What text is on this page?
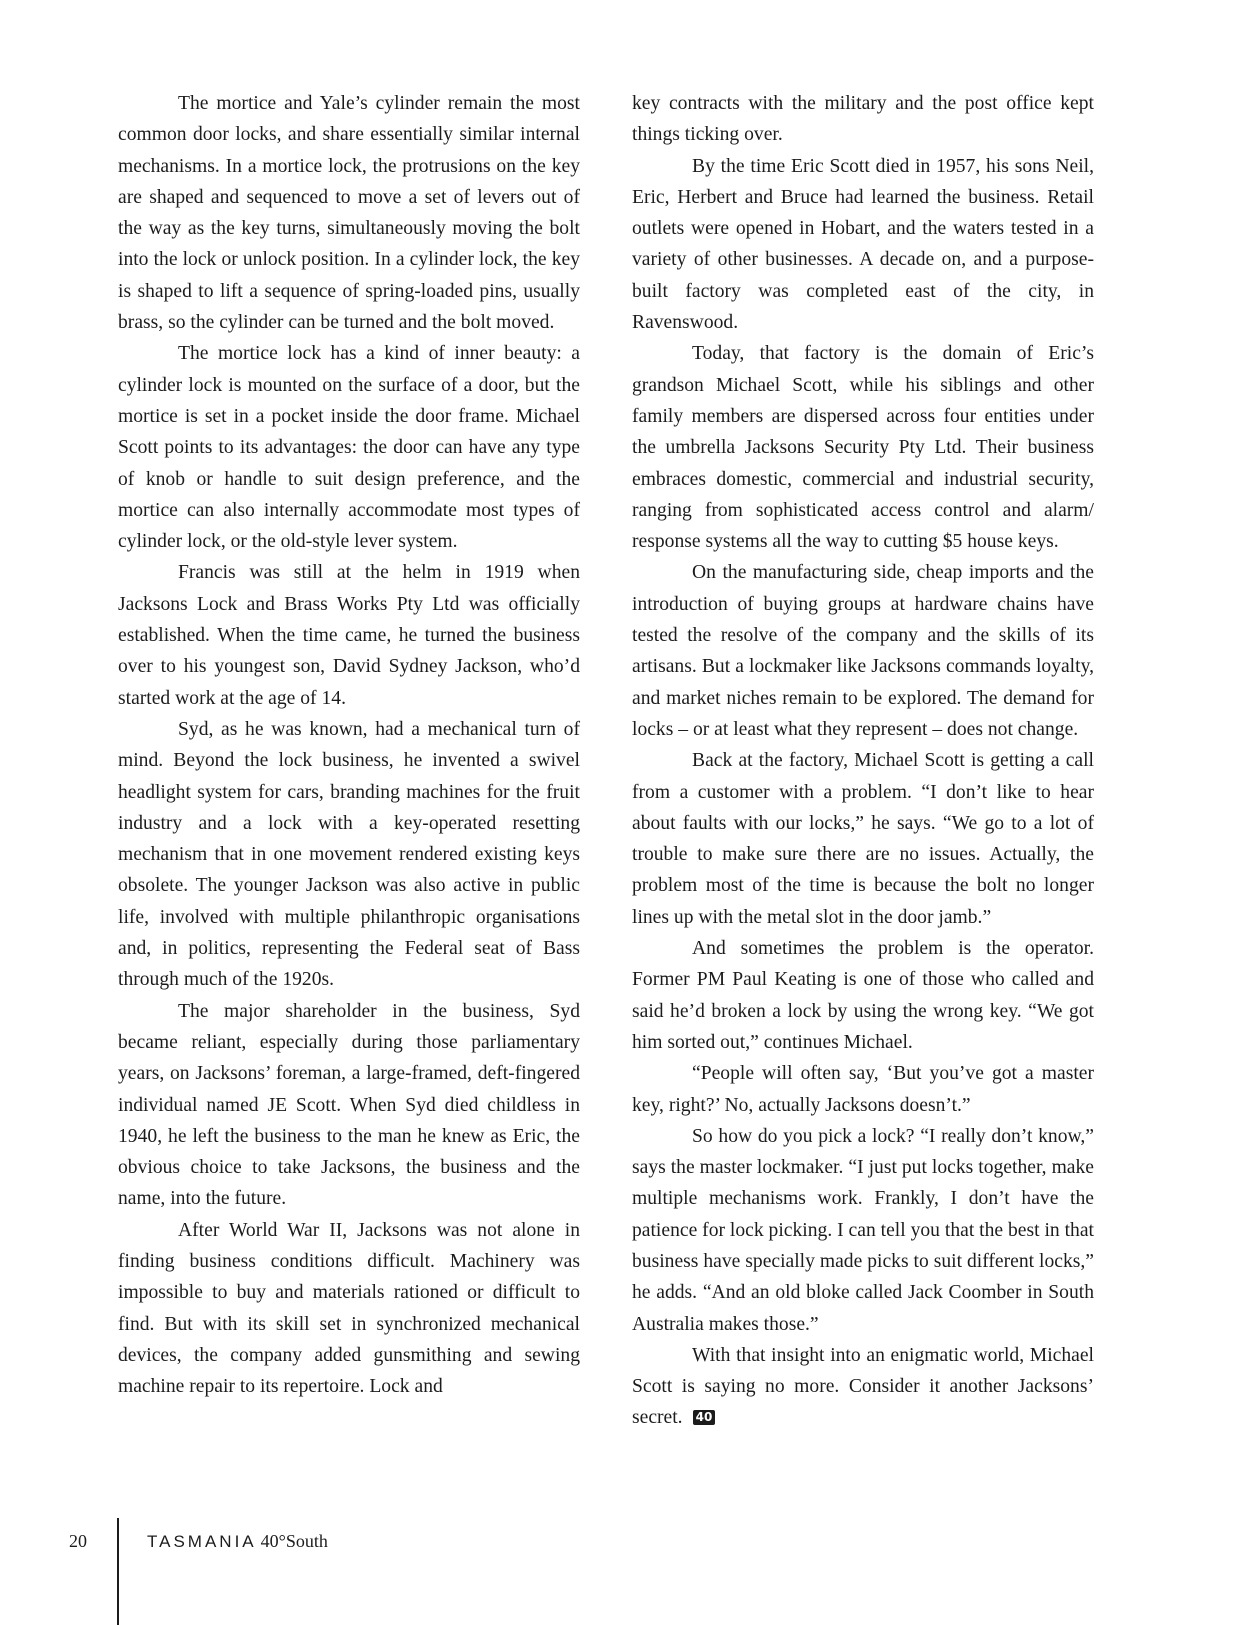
The mortice and Yale’s cylinder remain the most common door locks, and share essentially similar internal mechanisms. In a mortice lock, the protrusions on the key are shaped and sequenced to move a set of levers out of the way as the key turns, simultaneously moving the bolt into the lock or unlock position. In a cylinder lock, the key is shaped to lift a sequence of spring-loaded pins, usually brass, so the cylinder can be turned and the bolt moved.

The mortice lock has a kind of inner beauty: a cylinder lock is mounted on the surface of a door, but the mortice is set in a pocket inside the door frame. Michael Scott points to its advantages: the door can have any type of knob or handle to suit design preference, and the mortice can also internally accommodate most types of cylinder lock, or the old-style lever system.

Francis was still at the helm in 1919 when Jacksons Lock and Brass Works Pty Ltd was officially established. When the time came, he turned the business over to his youngest son, David Sydney Jackson, who’d started work at the age of 14.

Syd, as he was known, had a mechanical turn of mind. Beyond the lock business, he invented a swivel headlight system for cars, branding machines for the fruit industry and a lock with a key-operated resetting mechanism that in one movement rendered existing keys obsolete. The younger Jackson was also active in public life, involved with multiple philanthropic organisations and, in politics, representing the Federal seat of Bass through much of the 1920s.

The major shareholder in the business, Syd became reliant, especially during those parliamentary years, on Jacksons’ foreman, a large-framed, deft-fingered individual named JE Scott. When Syd died childless in 1940, he left the business to the man he knew as Eric, the obvious choice to take Jacksons, the business and the name, into the future.

After World War II, Jacksons was not alone in finding business conditions difficult. Machinery was impossible to buy and materials rationed or difficult to find. But with its skill set in synchronized mechanical devices, the company added gunsmithing and sewing machine repair to its repertoire. Lock and

key contracts with the military and the post office kept things ticking over.

By the time Eric Scott died in 1957, his sons Neil, Eric, Herbert and Bruce had learned the business. Retail outlets were opened in Hobart, and the waters tested in a variety of other businesses. A decade on, and a purpose-built factory was completed east of the city, in Ravenswood.

Today, that factory is the domain of Eric’s grandson Michael Scott, while his siblings and other family members are dispersed across four entities under the umbrella Jacksons Security Pty Ltd. Their business embraces domestic, commercial and industrial security, ranging from sophisticated access control and alarm/ response systems all the way to cutting $5 house keys.

On the manufacturing side, cheap imports and the introduction of buying groups at hardware chains have tested the resolve of the company and the skills of its artisans. But a lockmaker like Jacksons commands loyalty, and market niches remain to be explored. The demand for locks – or at least what they represent – does not change.

Back at the factory, Michael Scott is getting a call from a customer with a problem. “I don’t like to hear about faults with our locks,” he says. “We go to a lot of trouble to make sure there are no issues. Actually, the problem most of the time is because the bolt no longer lines up with the metal slot in the door jamb.”

And sometimes the problem is the operator. Former PM Paul Keating is one of those who called and said he’d broken a lock by using the wrong key. “We got him sorted out,” continues Michael.

“People will often say, ‘But you’ve got a master key, right?’ No, actually Jacksons doesn’t.”

So how do you pick a lock? “I really don’t know,” says the master lockmaker. “I just put locks together, make multiple mechanisms work. Frankly, I don’t have the patience for lock picking. I can tell you that the best in that business have specially made picks to suit different locks,” he adds. “And an old bloke called Jack Coomber in South Australia makes those.”

With that insight into an enigmatic world, Michael Scott is saying no more. Consider it another Jacksons’ secret. 40

20	TASMANIA 40°South
